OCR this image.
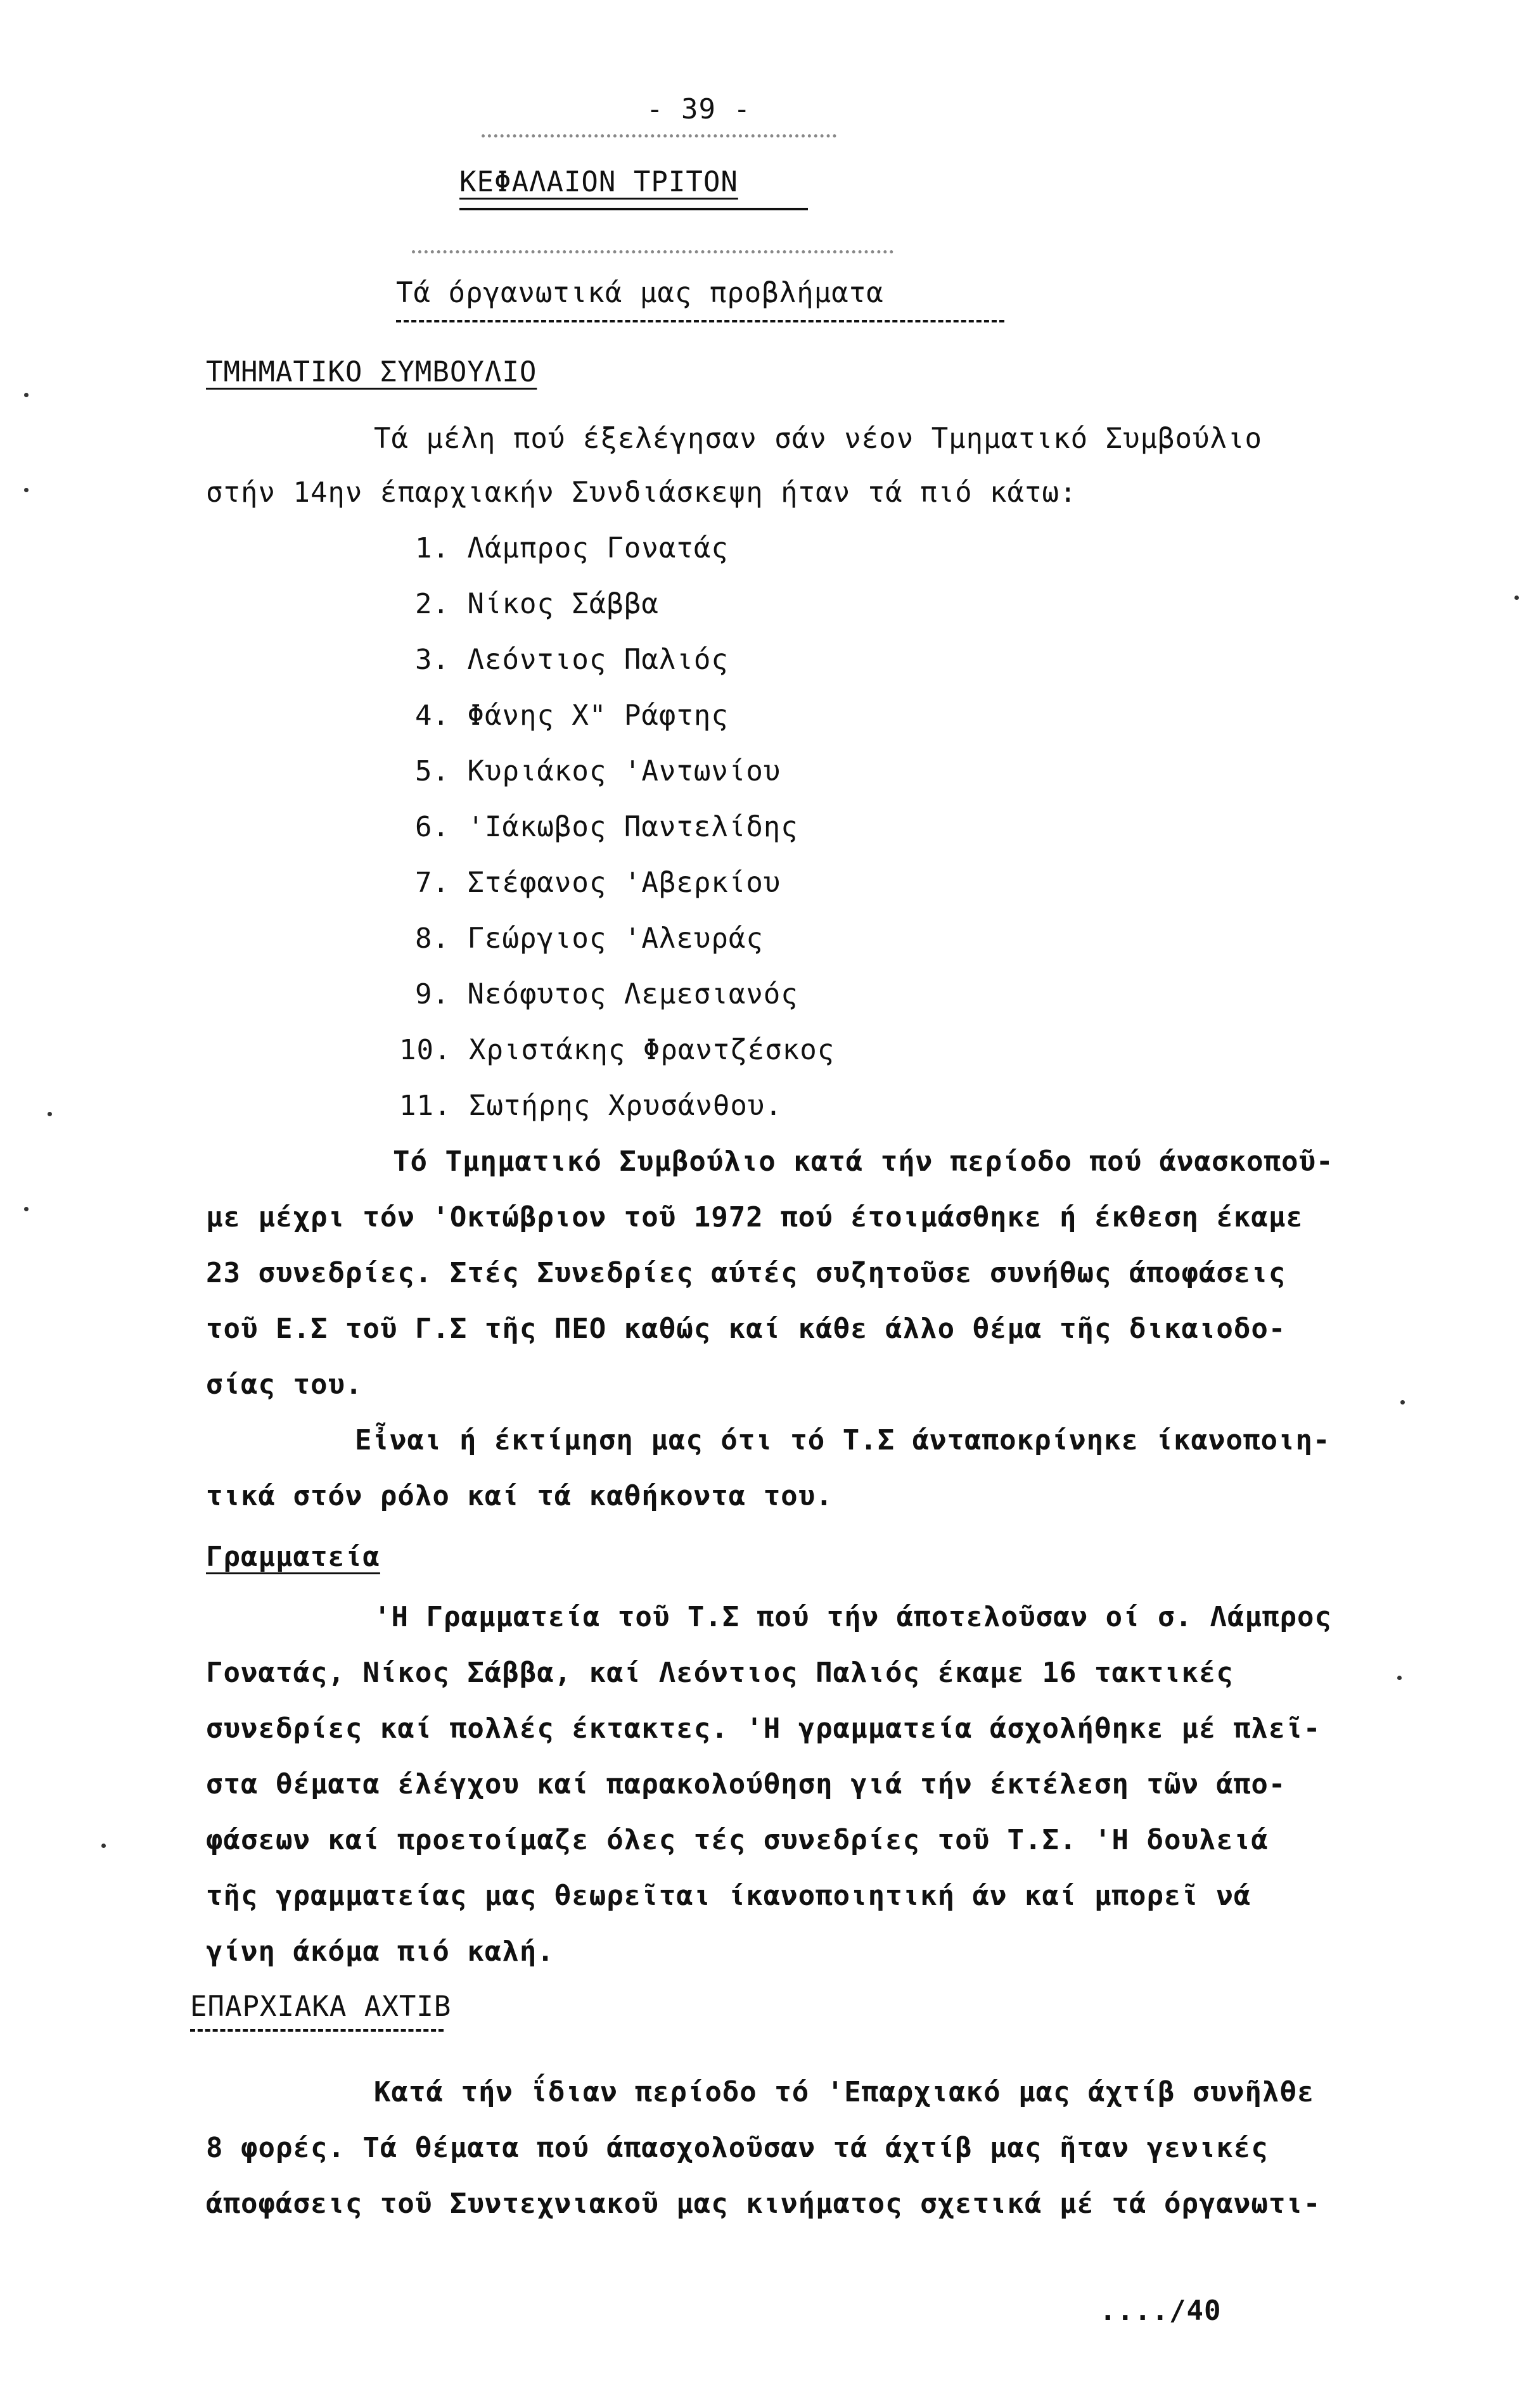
- 39 -
ΚΕΦΑΛΑΙΟΝ ΤΡΙΤΟΝ
Τά όργανωτικά μας προβλήματα
ΤΜΗΜΑΤΙΚΟ ΣΥΜΒΟΥΛΙΟ
Τά μέλη πού έξελέγησαν σάν νέον Τμηματικό Συμβούλιο
στήν 14ην έπαρχιακήν Συνδιάσκεψη ήταν τά πιό κάτω:
1. Λάμπρος Γονατάς
2. Νίκος Σάββα
3. Λεόντιος Παλιός
4. Φάνης Χ" Ράφτης
5. Κυριάκος 'Αντωνίου
6. 'Ιάκωβος Παντελίδης
7. Στέφανος 'Αβερκίου
8. Γεώργιος 'Αλευράς
9. Νεόφυτος Λεμεσιανός
10. Χριστάκης Φραντζέσκος
11. Σωτήρης Χρυσάνθου.
Τό Τμηματικό Συμβούλιο κατά τήν περίοδο πού άνασκοποῦ-
με μέχρι τόν 'Οκτώβριον τοῦ 1972 πού έτοιμάσθηκε ή έκθεση έκαμε
23 συνεδρίες. Στές Συνεδρίες αύτές συζητοῦσε συνήθως άποφάσεις
τοῦ Ε.Σ τοῦ Γ.Σ τῆς ΠΕΟ καθώς καί κάθε άλλο θέμα τῆς δικαιοδο-
σίας του.
Εἶναι ή έκτίμηση μας ότι τό Τ.Σ άνταποκρίνηκε ίκανοποιη-
τικά στόν ρόλο καί τά καθήκοντα του.
Γραμματεία
'Η Γραμματεία τοῦ Τ.Σ πού τήν άποτελοῦσαν οί σ. Λάμπρος
Γονατάς, Νίκος Σάββα, καί Λεόντιος Παλιός έκαμε 16 τακτικές
συνεδρίες καί πολλές έκτακτες. 'Η γραμματεία άσχολήθηκε μέ πλεῖ-
στα θέματα έλέγχου καί παρακολούθηση γιά τήν έκτέλεση τῶν άπο-
φάσεων καί προετοίμαζε όλες τές συνεδρίες τοῦ Τ.Σ. 'Η δουλειά
τῆς γραμματείας μας θεωρεῖται ίκανοποιητική άν καί μπορεῖ νά
γίνη άκόμα πιό καλή.
ΕΠΑΡΧΙΑΚΑ ΑΧΤΙΒ
Κατά τήν ΐδιαν περίοδο τό 'Επαρχιακό μας άχτίβ συνῆλθε
8 φορές. Τά θέματα πού άπασχολοῦσαν τά άχτίβ μας ῆταν γενικές
άποφάσεις τοῦ Συντεχνιακοῦ μας κινήματος σχετικά μέ τά όργανωτι-
..../40
